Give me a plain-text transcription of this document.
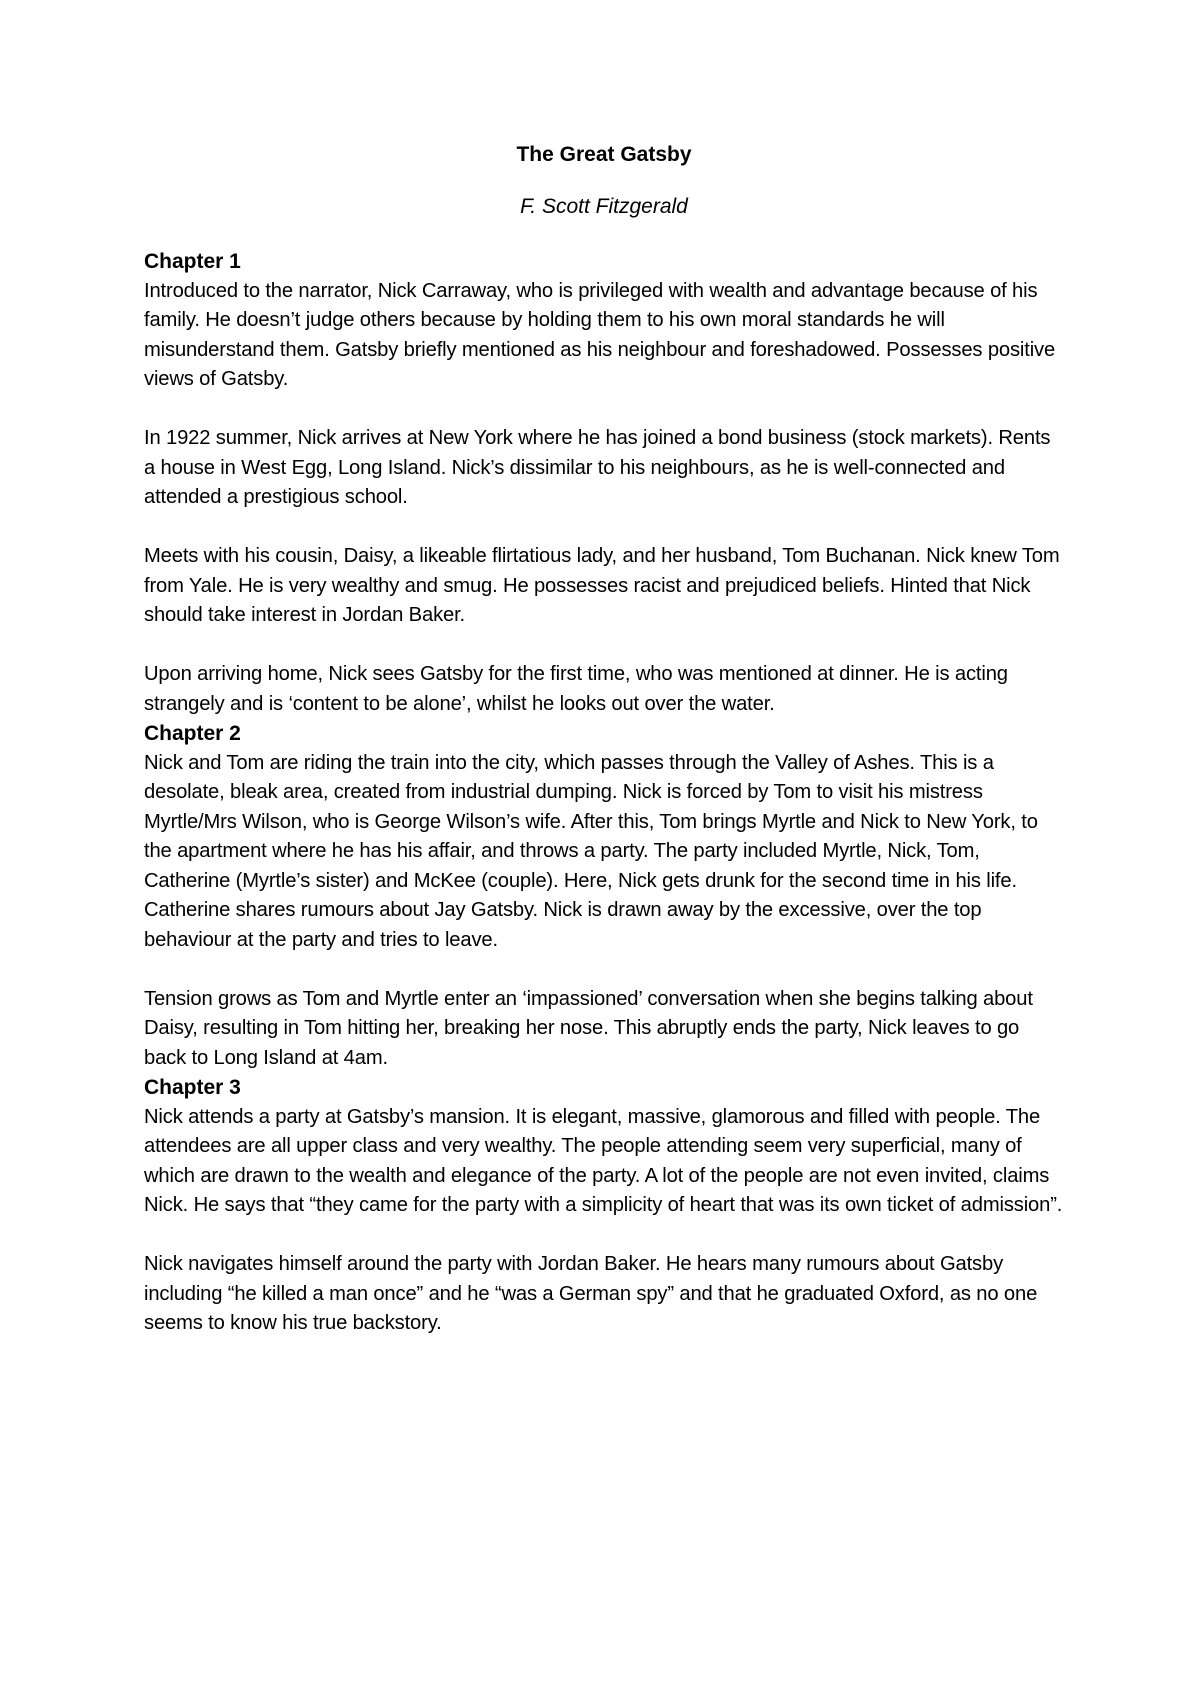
The Great Gatsby

F. Scott Fitzgerald

Chapter 1

Introduced to the narrator, Nick Carraway, who is privileged with wealth and advantage because of his family. He doesn’t judge others because by holding them to his own moral standards he will misunderstand them. Gatsby briefly mentioned as his neighbour and foreshadowed. Possesses positive views of Gatsby.

In 1922 summer, Nick arrives at New York where he has joined a bond business (stock markets). Rents a house in West Egg, Long Island. Nick’s dissimilar to his neighbours, as he is well-connected and attended a prestigious school.

Meets with his cousin, Daisy, a likeable flirtatious lady, and her husband, Tom Buchanan. Nick knew Tom from Yale. He is very wealthy and smug. He possesses racist and prejudiced beliefs. Hinted that Nick should take interest in Jordan Baker.

Upon arriving home, Nick sees Gatsby for the first time, who was mentioned at dinner. He is acting strangely and is ‘content to be alone’, whilst he looks out over the water.

Chapter 2

Nick and Tom are riding the train into the city, which passes through the Valley of Ashes. This is a desolate, bleak area, created from industrial dumping. Nick is forced by Tom to visit his mistress Myrtle/Mrs Wilson, who is George Wilson’s wife. After this, Tom brings Myrtle and Nick to New York, to the apartment where he has his affair, and throws a party. The party included Myrtle, Nick, Tom, Catherine (Myrtle’s sister) and McKee (couple). Here, Nick gets drunk for the second time in his life. Catherine shares rumours about Jay Gatsby. Nick is drawn away by the excessive, over the top behaviour at the party and tries to leave.

Tension grows as Tom and Myrtle enter an ‘impassioned’ conversation when she begins talking about Daisy, resulting in Tom hitting her, breaking her nose. This abruptly ends the party, Nick leaves to go back to Long Island at 4am.

Chapter 3

Nick attends a party at Gatsby’s mansion. It is elegant, massive, glamorous and filled with people. The attendees are all upper class and very wealthy. The people attending seem very superficial, many of which are drawn to the wealth and elegance of the party. A lot of the people are not even invited, claims Nick. He says that “they came for the party with a simplicity of heart that was its own ticket of admission”.

Nick navigates himself around the party with Jordan Baker. He hears many rumours about Gatsby including “he killed a man once” and he “was a German spy” and that he graduated Oxford, as no one seems to know his true backstory.
